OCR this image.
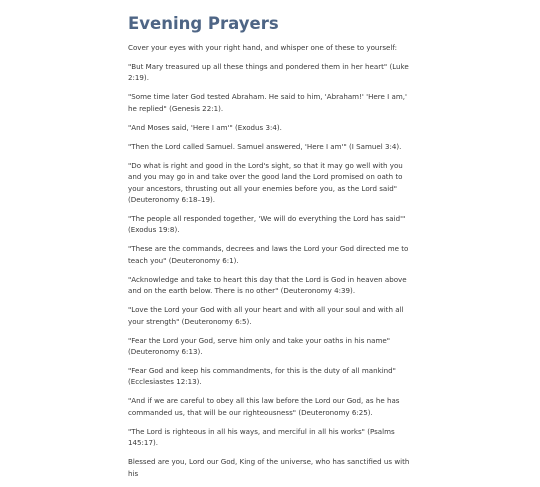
Evening Prayers

Cover your eyes with your right hand, and whisper one of these to yourself:

"But Mary treasured up all these things and pondered them in her heart" (Luke 2:19).

"Some time later God tested Abraham. He said to him, 'Abraham!' 'Here I am,' he replied" (Genesis 22:1).

"And Moses said, 'Here I am'" (Exodus 3:4).

"Then the Lord called Samuel. Samuel answered, 'Here I am'" (I Samuel 3:4).

"Do what is right and good in the Lord's sight, so that it may go well with you and you may go in and take over the good land the Lord promised on oath to your ancestors, thrusting out all your enemies before you, as the Lord said" (Deuteronomy 6:18–19).

"The people all responded together, 'We will do everything the Lord has said'" (Exodus 19:8).

"These are the commands, decrees and laws the Lord your God directed me to teach you" (Deuteronomy 6:1).

"Acknowledge and take to heart this day that the Lord is God in heaven above and on the earth below. There is no other" (Deuteronomy 4:39).

"Love the Lord your God with all your heart and with all your soul and with all your strength" (Deuteronomy 6:5).

"Fear the Lord your God, serve him only and take your oaths in his name" (Deuteronomy 6:13).

"Fear God and keep his commandments, for this is the duty of all mankind" (Ecclesiastes 12:13).

"And if we are careful to obey all this law before the Lord our God, as he has commanded us, that will be our righteousness" (Deuteronomy 6:25).

"The Lord is righteous in all his ways, and merciful in all his works" (Psalms 145:17).

Blessed are you, Lord our God, King of the universe, who has sanctified us with his
